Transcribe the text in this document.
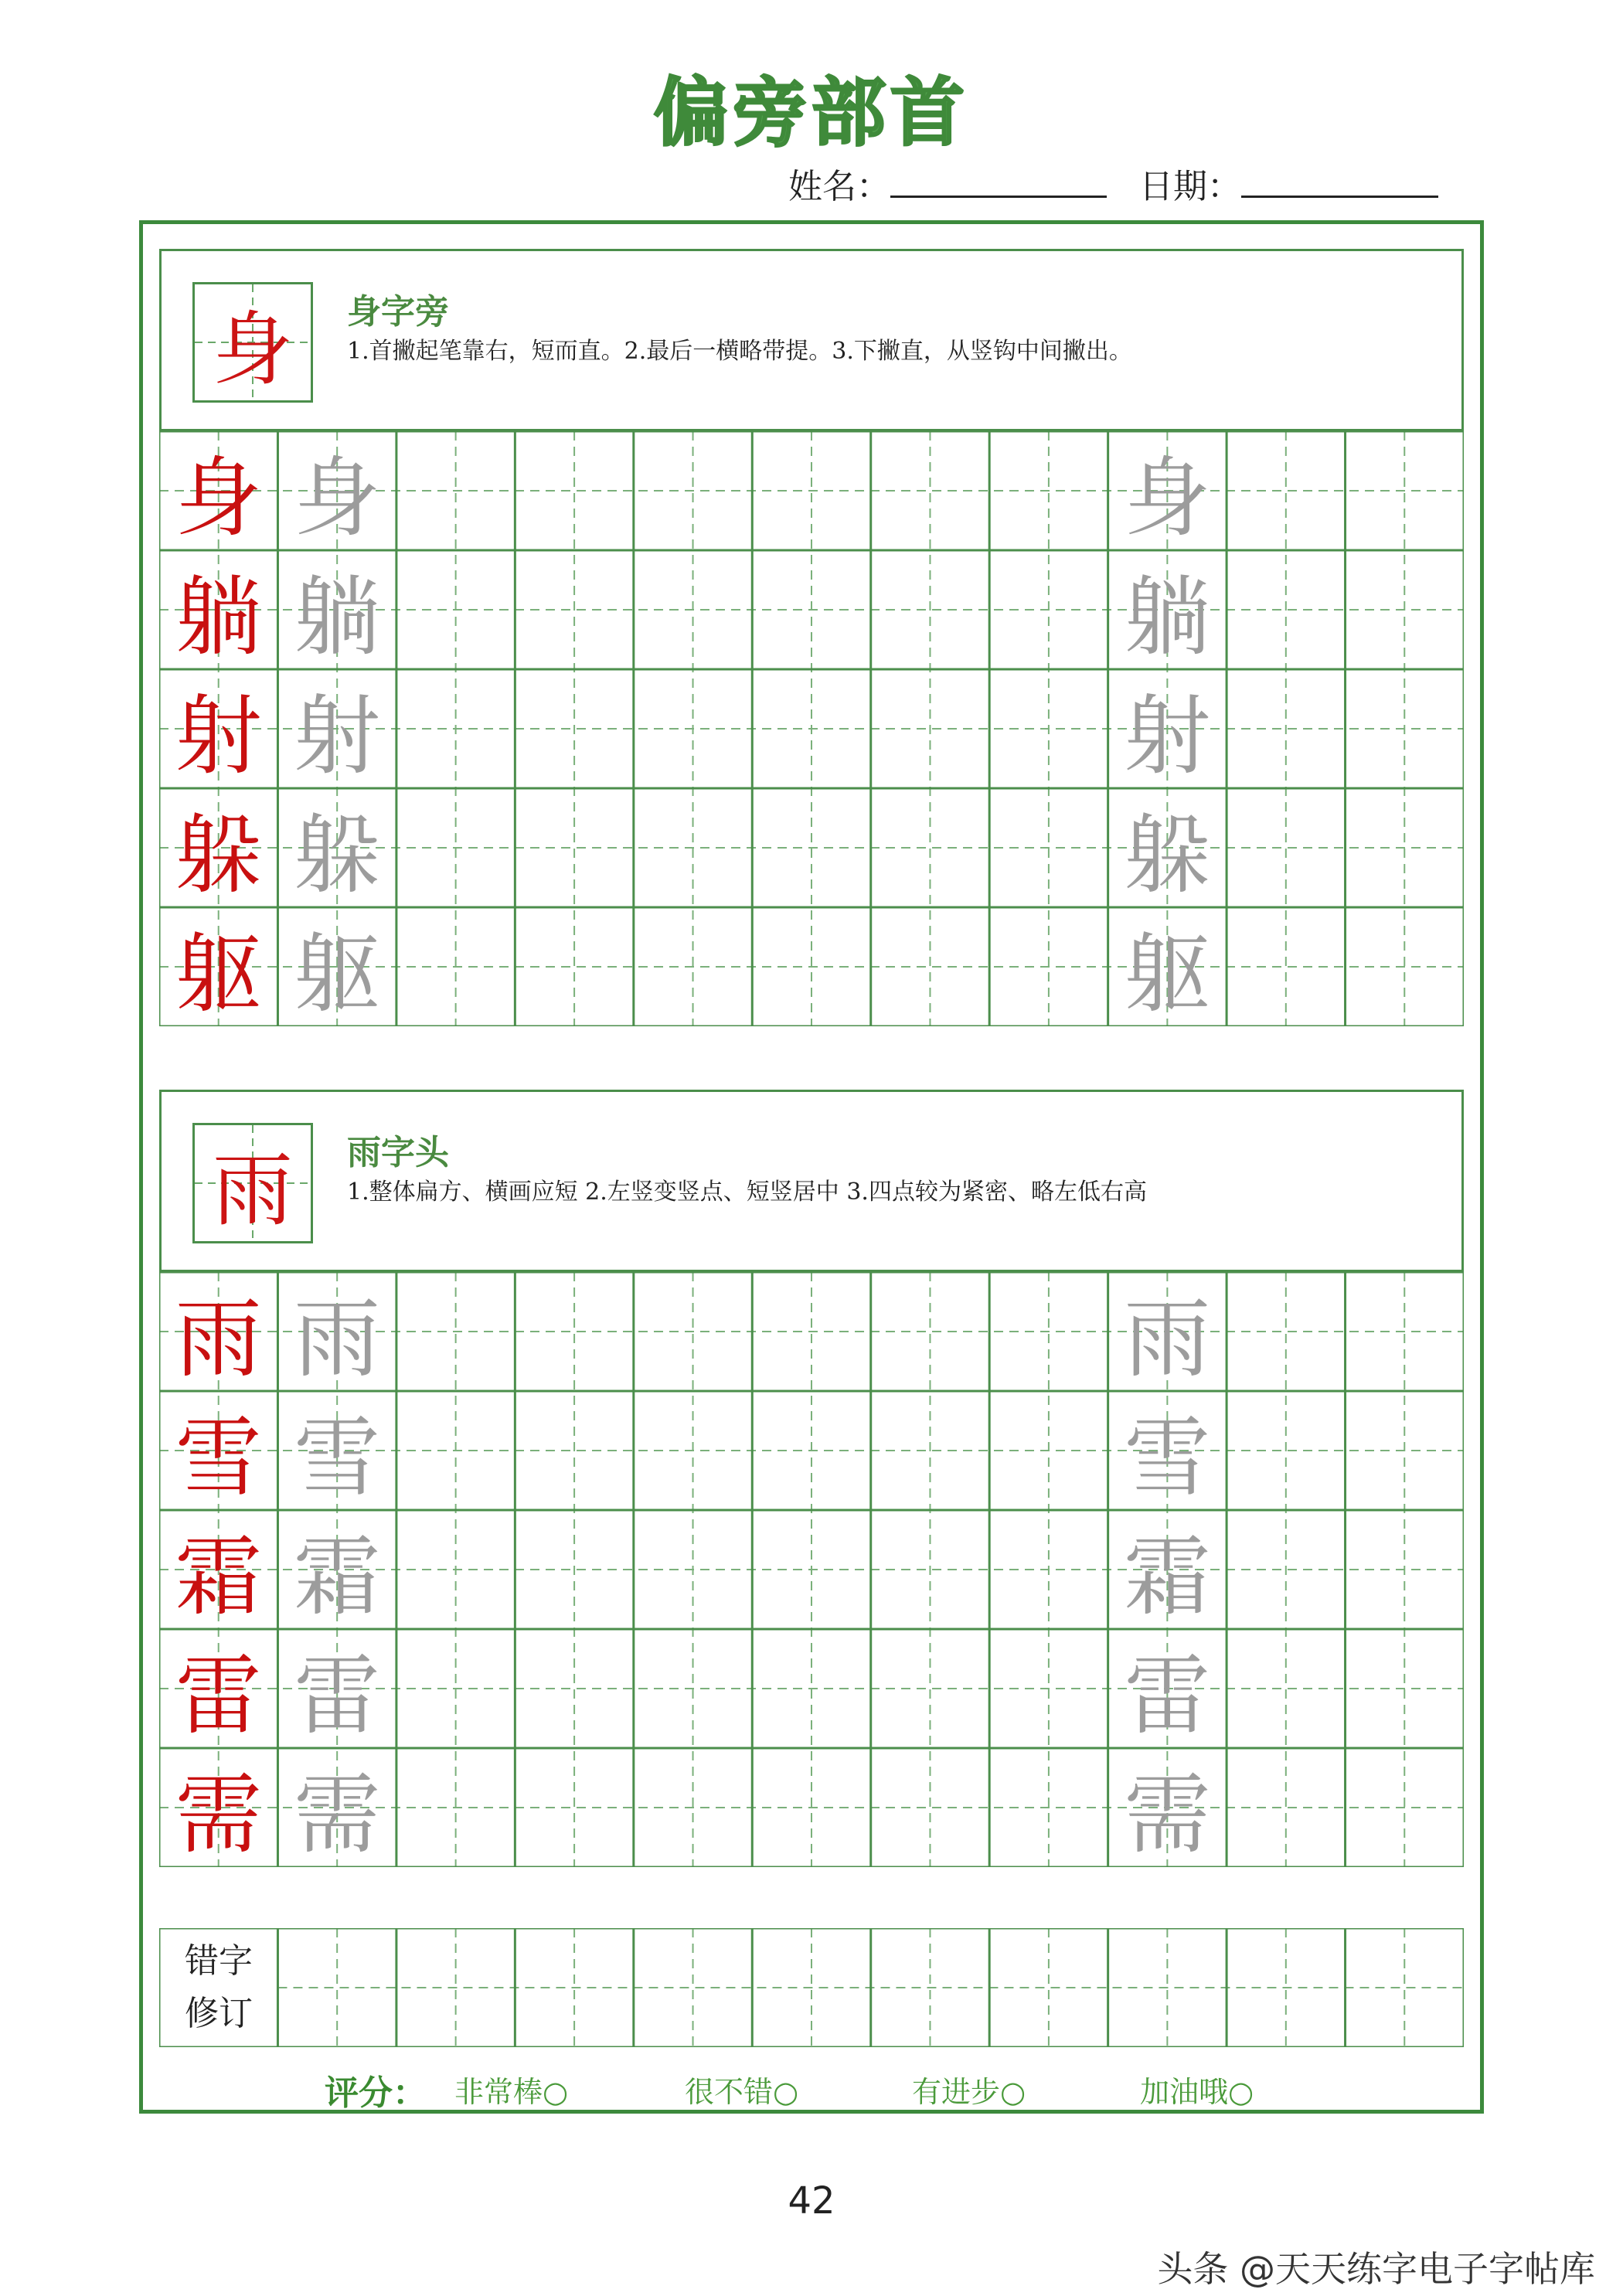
偏旁部首
姓名：	日期：
身	身字旁
1.首撇起笔靠右，短而直。2.最后一横略带提。3.下撇直，从竖钩中间撇出。
身 身	身
躺 躺	躺
射 射	射
躲 躲	躲
躯 躯	躯
雨	雨字头
1.整体扁方、横画应短 2.左竖变竖点、短竖居中 3.四点较为紧密、略左低右高
雨 雨	雨
雪 雪	雪
霜 霜	霜
雷 雷	雷
需 需	需
错字
修订
评分： 非常棒○	很不错○	有进步○	加油哦○
42
头条 @天天练字电子字帖库
